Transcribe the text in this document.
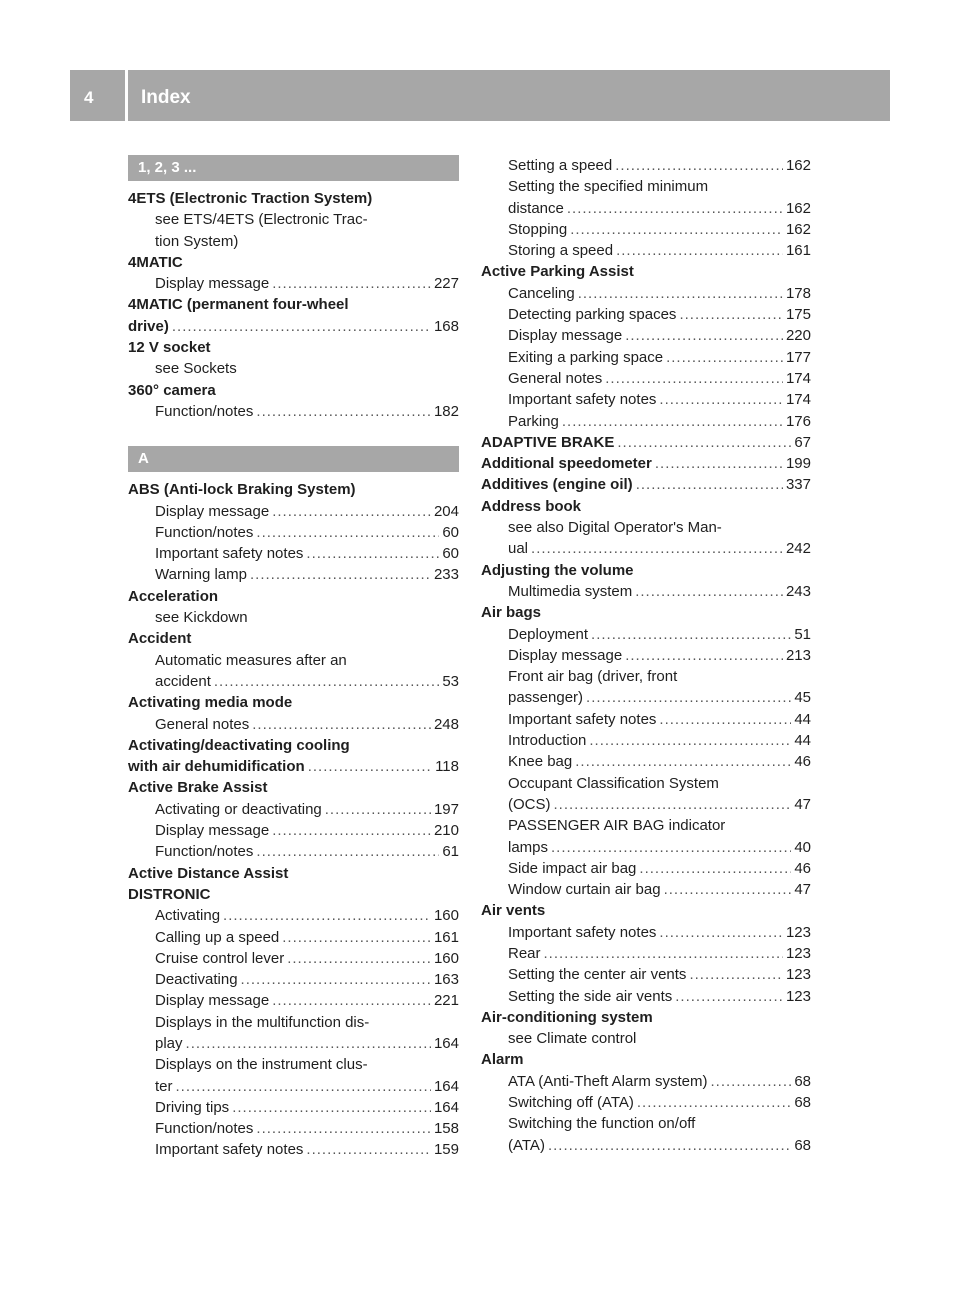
4	Index
1, 2, 3 ...
4ETS (Electronic Traction System)
see ETS/4ETS (Electronic Trac-
tion System)
4MATIC
Display message .....	227
4MATIC (permanent four-wheel
drive) .....	168
12 V socket
see Sockets
360° camera
Function/notes .....	182
A
ABS (Anti-lock Braking System)
Display message .....	204
Function/notes .....	60
Important safety notes .....	60
Warning lamp .....	233
Acceleration
see Kickdown
Accident
Automatic measures after an
accident .....	53
Activating media mode
General notes .....	248
Activating/deactivating cooling
with air dehumidification .....	118
Active Brake Assist
Activating or deactivating .....	197
Display message .....	210
Function/notes .....	61
Active Distance Assist
DISTRONIC
Activating .....	160
Calling up a speed .....	161
Cruise control lever .....	160
Deactivating .....	163
Display message .....	221
Displays in the multifunction dis-
play .....	164
Displays on the instrument clus-
ter .....	164
Driving tips .....	164
Function/notes .....	158
Important safety notes .....	159
Setting a speed .....	162
Setting the specified minimum
distance .....	162
Stopping .....	162
Storing a speed .....	161
Active Parking Assist
Canceling .....	178
Detecting parking spaces .....	175
Display message .....	220
Exiting a parking space .....	177
General notes .....	174
Important safety notes .....	174
Parking .....	176
ADAPTIVE BRAKE .....	67
Additional speedometer .....	199
Additives (engine oil) .....	337
Address book
see also Digital Operator's Man-
ual .....	242
Adjusting the volume
Multimedia system .....	243
Air bags
Deployment .....	51
Display message .....	213
Front air bag (driver, front
passenger) .....	45
Important safety notes .....	44
Introduction .....	44
Knee bag .....	46
Occupant Classification System
(OCS) .....	47
PASSENGER AIR BAG indicator
lamps .....	40
Side impact air bag .....	46
Window curtain air bag .....	47
Air vents
Important safety notes .....	123
Rear .....	123
Setting the center air vents .....	123
Setting the side air vents .....	123
Air-conditioning system
see Climate control
Alarm
ATA (Anti-Theft Alarm system) .....	68
Switching off (ATA) .....	68
Switching the function on/off
(ATA) .....	68
